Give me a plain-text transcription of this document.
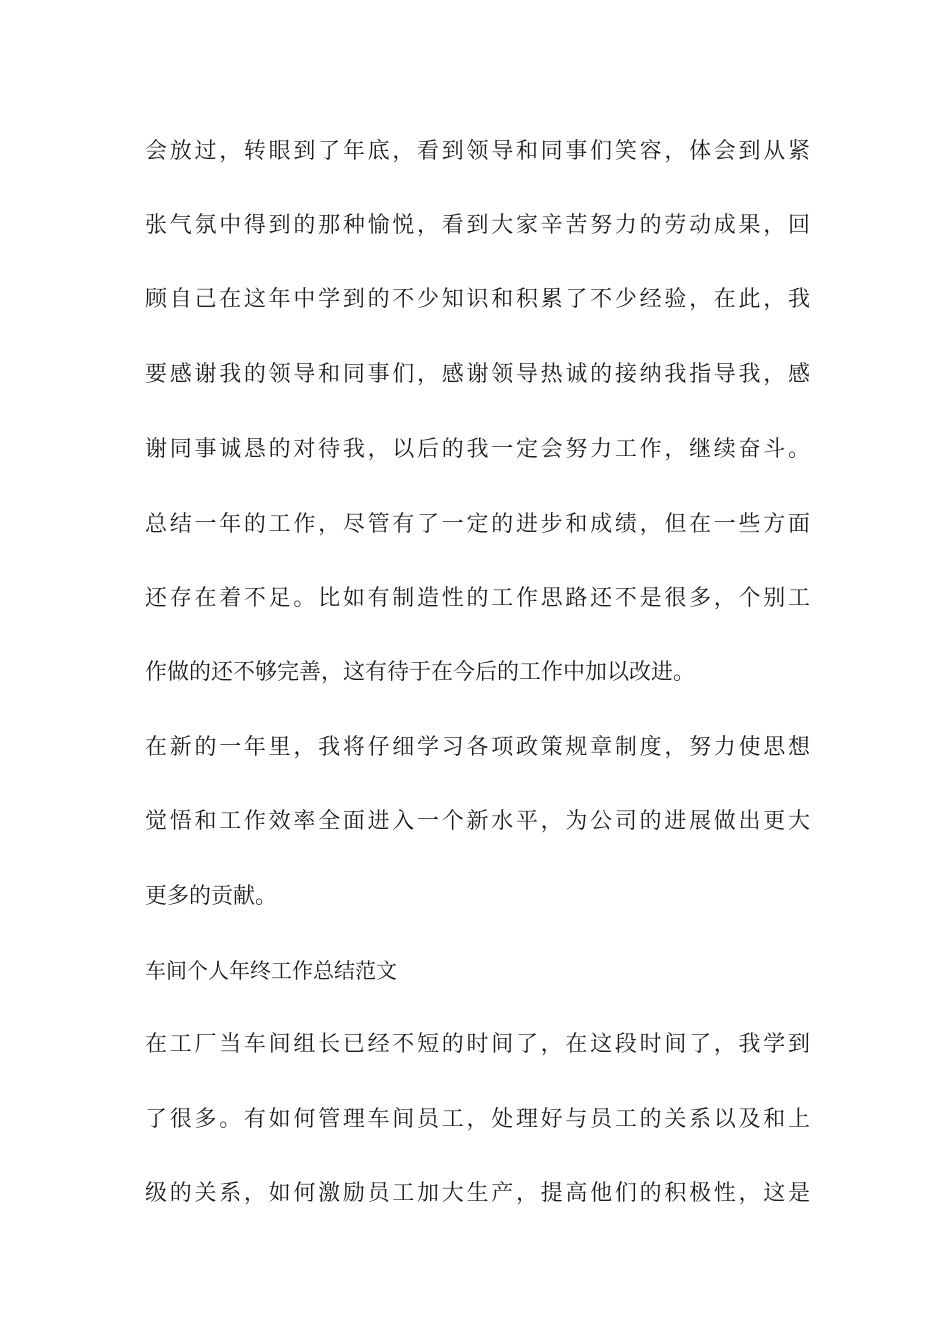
会放过，转眼到了年底，看到领导和同事们笑容，体会到从紧
张气氛中得到的那种愉悦，看到大家辛苦努力的劳动成果，回
顾自己在这年中学到的不少知识和积累了不少经验，在此，我
要感谢我的领导和同事们，感谢领导热诚的接纳我指导我，感
谢同事诚恳的对待我，以后的我一定会努力工作，继续奋斗。
总结一年的工作，尽管有了一定的进步和成绩，但在一些方面
还存在着不足。比如有制造性的工作思路还不是很多，个别工
作做的还不够完善，这有待于在今后的工作中加以改进。
在新的一年里，我将仔细学习各项政策规章制度，努力使思想
觉悟和工作效率全面进入一个新水平，为公司的进展做出更大
更多的贡献。
车间个人年终工作总结范文
在工厂当车间组长已经不短的时间了，在这段时间了，我学到
了很多。有如何管理车间员工，处理好与员工的关系以及和上
级的关系，如何激励员工加大生产，提高他们的积极性，这是
